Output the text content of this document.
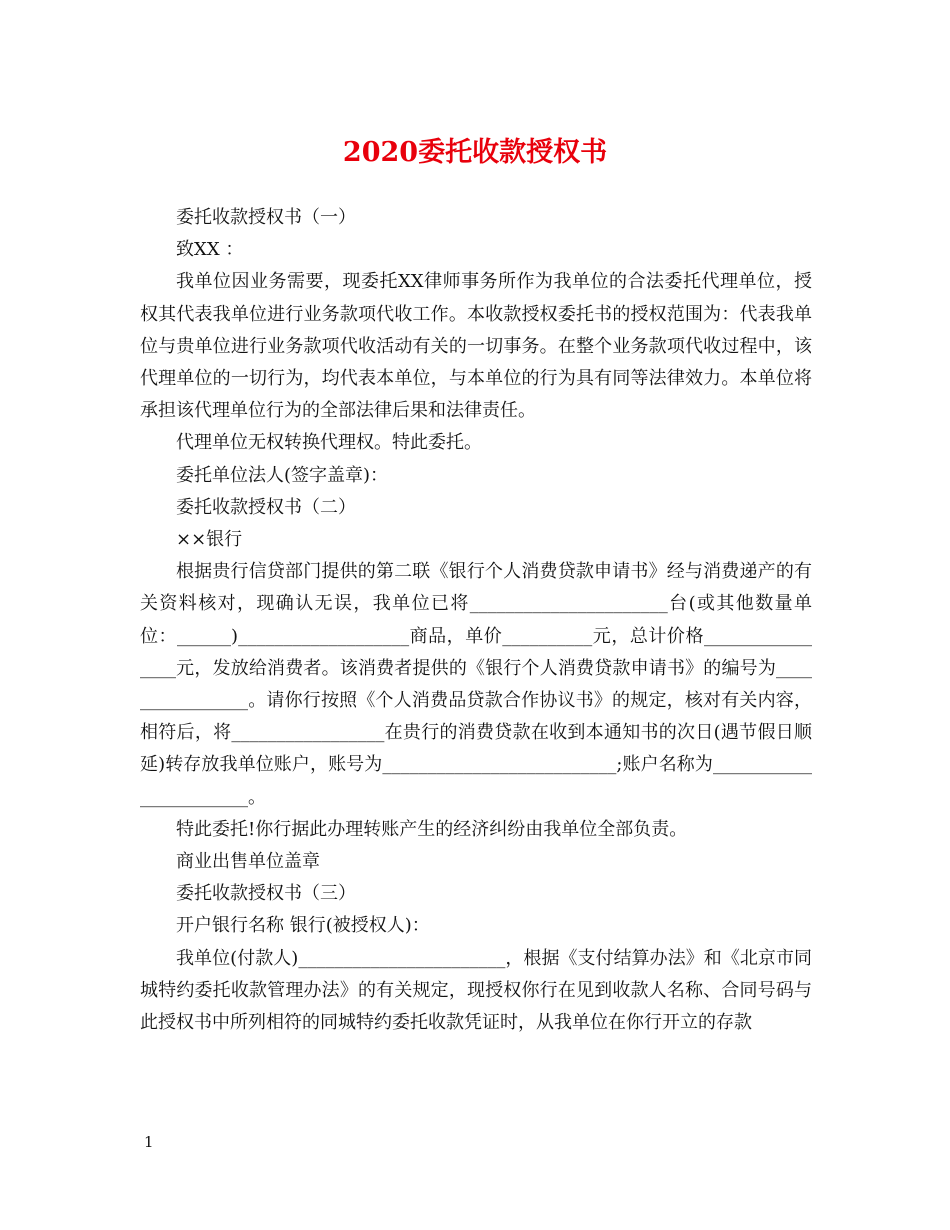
2020委托收款授权书

委托收款授权书（一）

致XX ：

我单位因业务需要，现委托XX律师事务所作为我单位的合法委托代理单位，授权其代表我单位进行业务款项代收工作。本收款授权委托书的授权范围为：代表我单位与贵单位进行业务款项代收活动有关的一切事务。在整个业务款项代收过程中，该代理单位的一切行为，均代表本单位，与本单位的行为具有同等法律效力。本单位将承担该代理单位行为的全部法律后果和法律责任。

代理单位无权转换代理权。特此委托。

委托单位法人(签字盖章)：

委托收款授权书（二）

××银行

根据贵行信贷部门提供的第二联《银行个人消费贷款申请书》经与消费递产的有关资料核对，现确认无误，我单位已将______________________台(或其他数量单位：______)___________________商品，单价__________元，总计价格________________元，发放给消费者。该消费者提供的《银行个人消费贷款申请书》的编号为________________。请你行按照《个人消费品贷款合作协议书》的规定，核对有关内容，相符后，将_________________在贵行的消费贷款在收到本通知书的次日(遇节假日顺延)转存放我单位账户，账号为__________________________;账户名称为_______________________。

特此委托!你行据此办理转账产生的经济纠纷由我单位全部负责。

商业出售单位盖章

委托收款授权书（三）

开户银行名称 银行(被授权人)：

我单位(付款人)_______________________，根据《支付结算办法》和《北京市同城特约委托收款管理办法》的有关规定，现授权你行在见到收款人名称、合同号码与此授权书中所列相符的同城特约委托收款凭证时，从我单位在你行开立的存款

1
